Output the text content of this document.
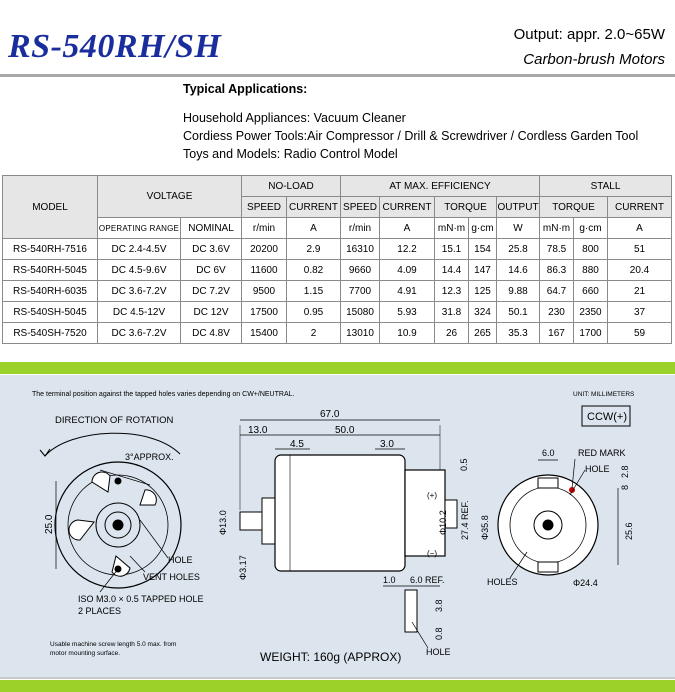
RS-540RH/SH	Output: appr. 2.0~65W
Carbon-brush Motors
Typical Applications:
Household Appliances: Vacuum Cleaner
Cordiess Power Tools:Air Compressor / Drill & Screwdriver / Cordless Garden Tool
Toys and Models: Radio Control Model
MODEL	VOLTAGE		NO-LOAD		AT MAX. EFFICIENCY					STALL		
			SPEED	CURRENT	SPEED	CURRENT	TORQUE		OUTPUT	TORQUE		CURRENT
	OPERATING RANGE	NOMINAL	r/min	A	r/min	A	mN·m	g·cm	W	mN·m	g·cm	A
RS-540RH-7516	DC 2.4-4.5V	DC 3.6V	20200	2.9	16310	12.2	15.1	154	25.8	78.5	800	51
RS-540RH-5045	DC 4.5-9.6V	DC 6V	11600	0.82	9660	4.09	14.4	147	14.6	86.3	880	20.4
RS-540RH-6035	DC 3.6-7.2V	DC 7.2V	9500	1.15	7700	4.91	12.3	125	9.88	64.7	660	21
RS-540SH-5045	DC 4.5-12V	DC 12V	17500	0.95	15080	5.93	31.8	324	50.1	230	2350	37
RS-540SH-7520	DC 3.6-7.2V	DC 4.8V	15400	2	13010	10.9	26	265	35.3	167	1700	59
The terminal position against the tapped holes varies depending on CW+/NEUTRAL.	UNIT: MILLIMETERS
CCW(+)
DIRECTION OF ROTATION
3°APPROX.
25.0
HOLE
VENT HOLES
ISO M3.0 × 0.5 TAPPED HOLE
2 PLACES
Usable machine screw length 5.0 max. from
motor mounting surface.
67.0
13.0	50.0
4.5	3.0
(+)
(−)
0.5
Φ10.2 27.4 REF. Φ35.8
Φ13.0
Φ3.17	1.0 6.0 REF.
3.8
0.8
HOLE
WEIGHT: 160g (APPROX)
6.0	RED MARK
HOLE 2.8
8
25.6
HOLES	Φ24.4
